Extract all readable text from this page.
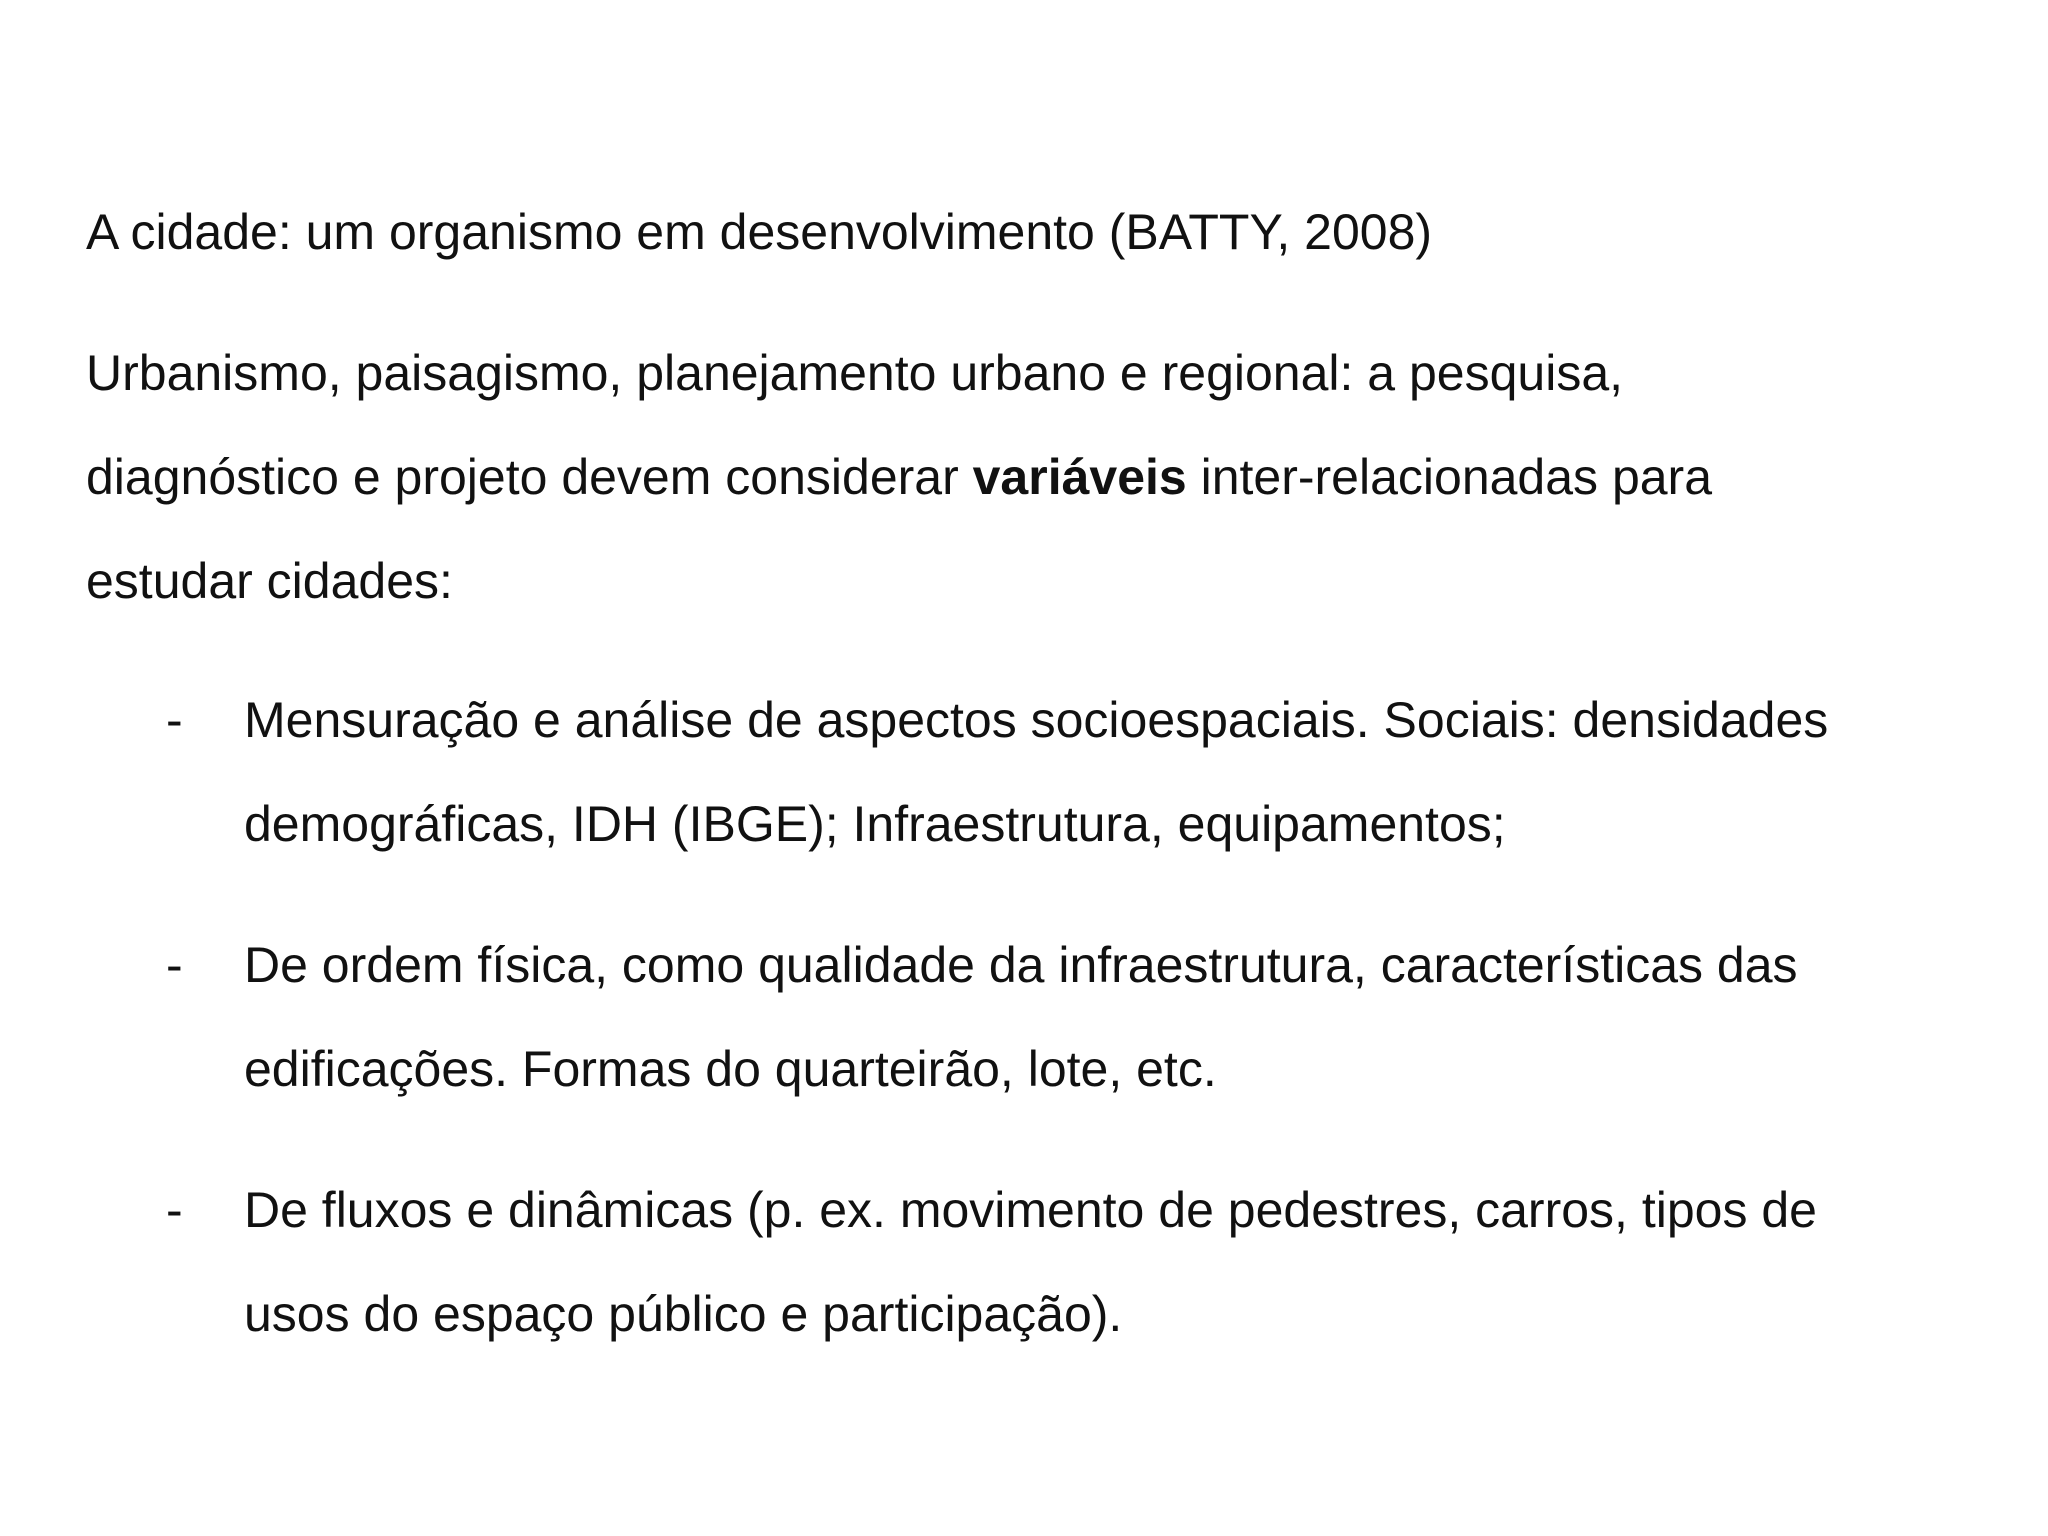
A cidade: um organismo em desenvolvimento (BATTY, 2008)
Urbanismo, paisagismo, planejamento urbano e regional: a pesquisa,
diagnóstico e projeto devem considerar variáveis inter-relacionadas para
estudar cidades:
- Mensuração e análise de aspectos socioespaciais. Sociais: densidades
demográficas, IDH (IBGE); Infraestrutura, equipamentos;
- De ordem física, como qualidade da infraestrutura, características das
edificações. Formas do quarteirão, lote, etc.
- De fluxos e dinâmicas (p. ex. movimento de pedestres, carros, tipos de
usos do espaço público e participação).
